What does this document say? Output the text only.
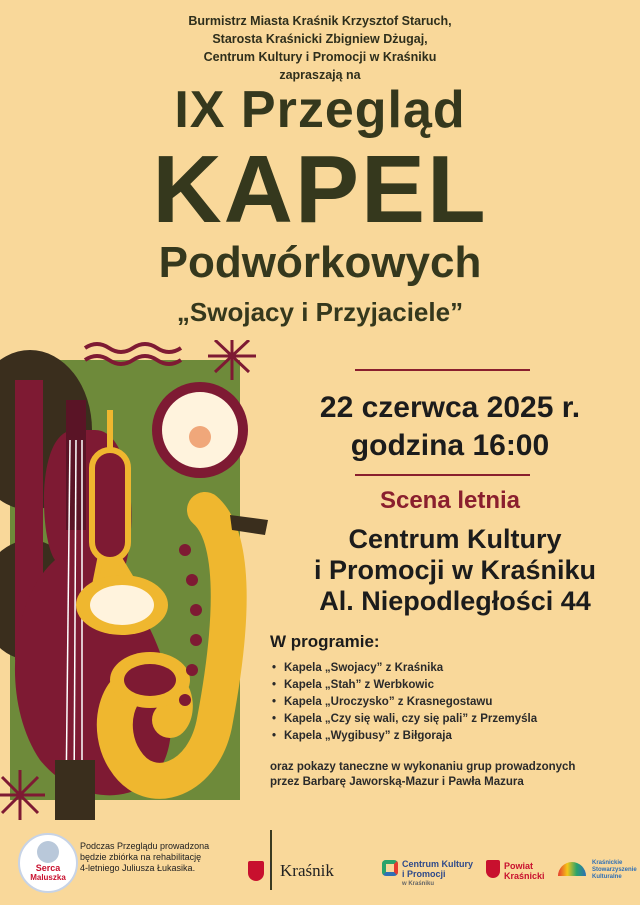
Burmistrz Miasta Kraśnik Krzysztof Staruch,
Starosta Kraśnicki Zbigniew Dżugaj,
Centrum Kultury i Promocji w Kraśniku
zapraszają na
IX Przegląd
KAPEL
Podwórkowych
„Swojacy i Przyjaciele”
22 czerwca 2025 r.
godzina 16:00
Scena letnia
Centrum Kultury
i Promocji w Kraśniku
Al. Niepodległości 44
W programie:
• Kapela „Swojacy” z Kraśnika
• Kapela „Stah” z Werbkowic
• Kapela „Uroczysko” z Krasnegostawu
• Kapela „Czy się wali, czy się pali” z Przemyśla
• Kapela „Wygibusy” z Biłgoraja
oraz pokazy taneczne w wykonaniu grup prowadzonych
przez Barbarę Jaworską-Mazur i Pawła Mazura
Serca
Maluszka
Podczas Przeglądu prowadzona
będzie zbiórka na rehabilitację
4-letniego Juliusza Łukasika.	Kraśnik	Centrum Kultury
i Promocji
w Kraśniku
Powiat
Kraśnicki
Kraśnickie
Stowarzyszenie
Kulturalne
